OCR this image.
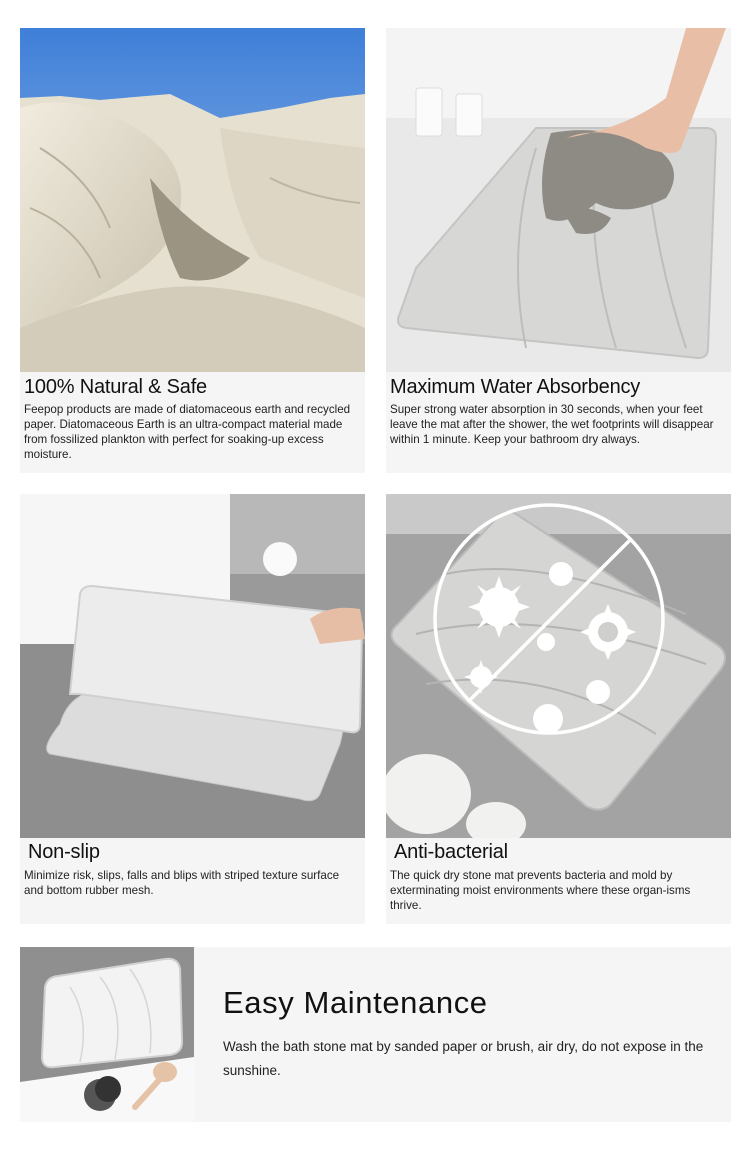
100% Natural & Safe

Feepop products are made of diatomaceous earth and recycled paper. Diatomaceous Earth is an ultra-compact material made from fossilized plankton with perfect for soaking-up excess moisture.

Maximum Water Absorbency

Super strong water absorption in 30 seconds, when your feet leave the mat after the shower, the wet footprints will disappear within 1 minute. Keep your bathroom dry always.

Non-slip

Minimize risk, slips, falls and blips with striped texture surface and bottom rubber mesh.

Anti-bacterial

The quick dry stone mat prevents bacteria and mold by exterminating moist environments where these organ-isms thrive.

Easy Maintenance

Wash the bath stone mat by sanded paper or brush, air dry, do not expose in the sunshine.
